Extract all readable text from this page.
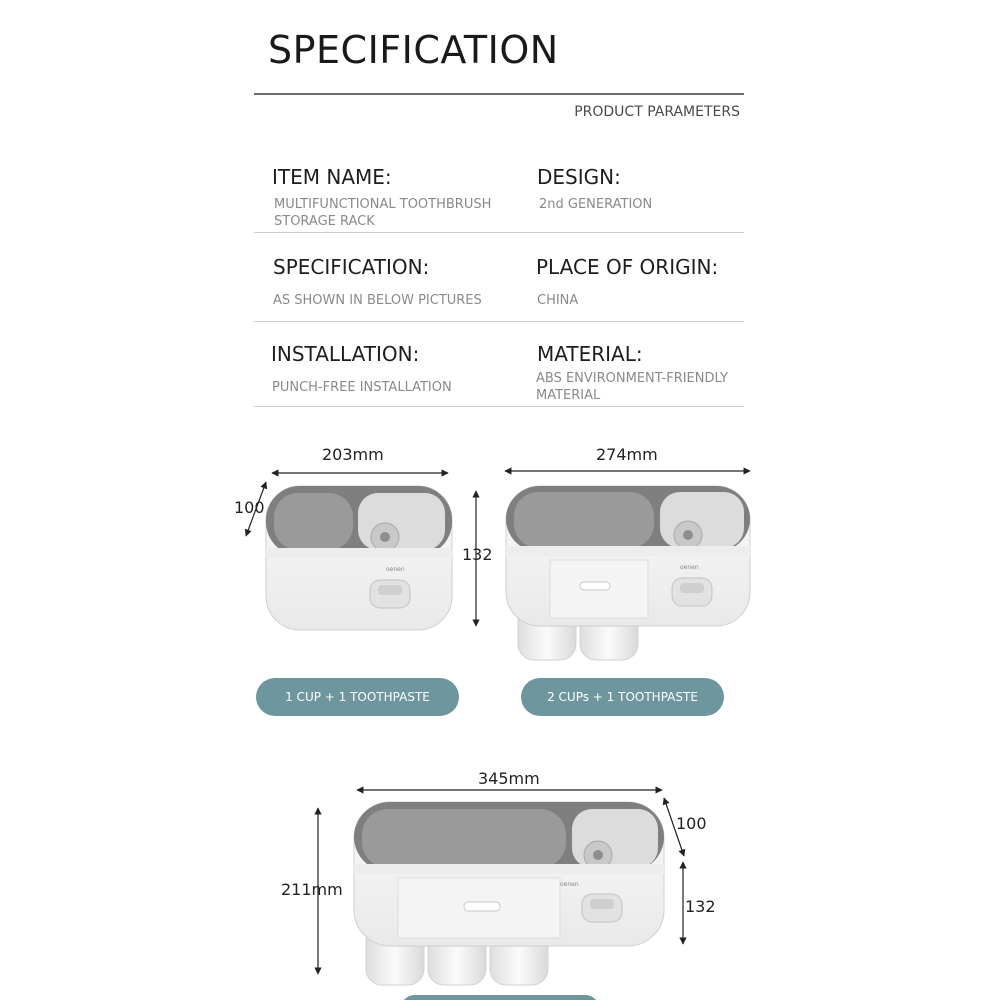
SPECIFICATION
PRODUCT PARAMETERS
ITEM NAME:
MULTIFUNCTIONAL TOOTHBRUSH
STORAGE RACK
DESIGN:
2nd GENERATION
SPECIFICATION:
AS SHOWN IN BELOW PICTURES
PLACE OF ORIGIN:
CHINA
INSTALLATION:
PUNCH-FREE INSTALLATION
MATERIAL:
ABS ENVIRONMENT-FRIENDLY
MATERIAL
oenen	oenen
oenen
203mm
100
132
274mm
345mm
100
132
211mm
1 CUP + 1 TOOTHPASTE EXTRUDER
2 CUPs + 1 TOOTHPASTE EXTRUDER
